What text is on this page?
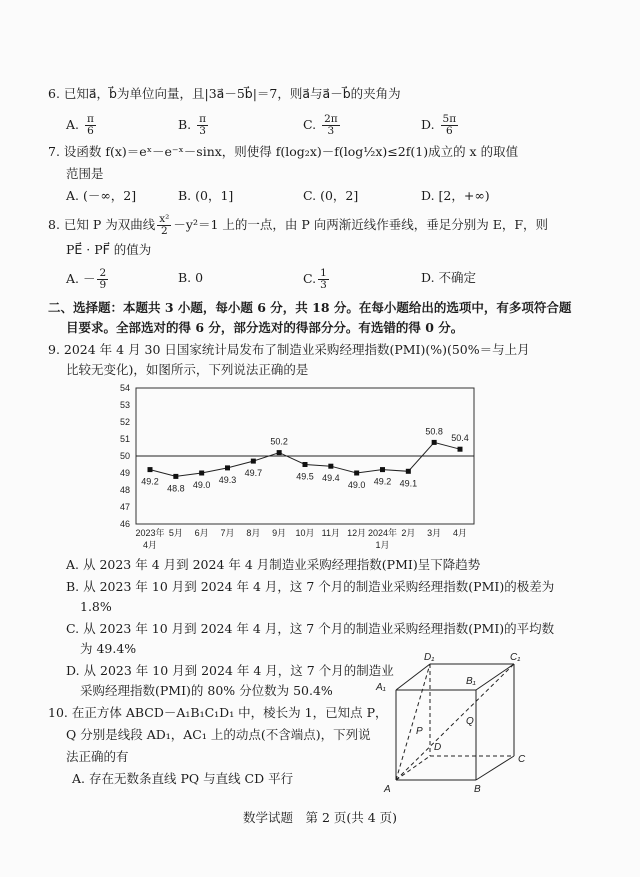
6. 已知a⃗，b⃗为单位向量，且|3a⃗－5b⃗|＝7，则a⃗与a⃗－b⃗的夹角为
A. $\frac{\pi}{6}$	B. $\frac{\pi}{3}$	C. $\frac{2\pi}{3}$	D. $\frac{5\pi}{6}$
7. 设函数 f(x)＝eˣ－e⁻ˣ－sinx，则使得 f(log₂x)－f(log½x)≤2f(1)成立的 x 的取值
范围是
A. (－∞，2]	B. (0，1]	C. (0，2]	D. [2，+∞)
8. 已知 P 为双曲线 $\frac{\text{x²}}{2} -y^2=1$ 上的一点，由 P 向两渐近线作垂线，垂足分别为 E，F，则
PE⃗ · PF⃗ 的值为
A. － $\frac{2}{9}$	B. 0	C. $\frac{1}{3}$	D. 不确定
二、选择题：本题共 3 小题，每小题 6 分，共 18 分。在每小题给出的选项中，有多项符合题
目要求。全部选对的得 6 分，部分选对的得部分分。有选错的得 0 分。
9. 2024 年 4 月 30 日国家统计局发布了制造业采购经理指数(PMI)(%)(50%＝与上月
比较无变化)，如图所示，下列说法正确的是
46
47
48
49
50
51
52
53
54
49.2
48.8 49.0
49.3
49.7
50.2
49.5 49.4
49.0 49.2 49.1
50.8
50.4
2023年
4月
5月 6月 7月 8月 9月 10月 11月 12月 2024年
1月
2月 3月 4月
A. 从 2023 年 4 月到 2024 年 4 月制造业采购经理指数(PMI)呈下降趋势
B. 从 2023 年 10 月到 2024 年 4 月，这 7 个月的制造业采购经理指数(PMI)的极差为
1.8%
C. 从 2023 年 10 月到 2024 年 4 月，这 7 个月的制造业采购经理指数(PMI)的平均数
为 49.4%
D. 从 2023 年 10 月到 2024 年 4 月，这 7 个月的制造业
采购经理指数(PMI)的 80% 分位数为 50.4%
10. 在正方体 ABCD－A₁B₁C₁D₁ 中，棱长为 1，已知点 P，
Q 分别是线段 AD₁，AC₁ 上的动点(不含端点)，下列说
法正确的有
A. 存在无数条直线 PQ 与直线 CD 平行
D₁	C₁
A₁
B₁
D
C
A	B
P
Q
数学试题　第 2 页(共 4 页)
